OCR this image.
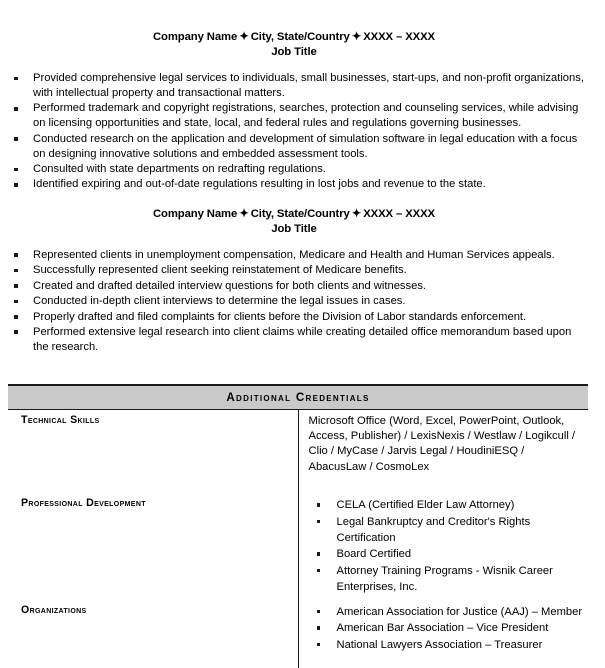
Company Name ✦ City, State/Country ✦ XXXX – XXXX
Job Title
Provided comprehensive legal services to individuals, small businesses, start-ups, and non-profit organizations, with intellectual property and transactional matters.
Performed trademark and copyright registrations, searches, protection and counseling services, while advising on licensing opportunities and state, local, and federal rules and regulations governing businesses.
Conducted research on the application and development of simulation software in legal education with a focus on designing innovative solutions and embedded assessment tools.
Consulted with state departments on redrafting regulations.
Identified expiring and out-of-date regulations resulting in lost jobs and revenue to the state.
Company Name ✦ City, State/Country ✦ XXXX – XXXX
Job Title
Represented clients in unemployment compensation, Medicare and Health and Human Services appeals.
Successfully represented client seeking reinstatement of Medicare benefits.
Created and drafted detailed interview questions for both clients and witnesses.
Conducted in-depth client interviews to determine the legal issues in cases.
Properly drafted and filed complaints for clients before the Division of Labor standards enforcement.
Performed extensive legal research into client claims while creating detailed office memorandum based upon the research.
Additional Credentials	

Technical Skills	Microsoft Office (Word, Excel, PowerPoint, Outlook, Access, Publisher) / LexisNexis / Westlaw / Logikcull / Clio / MyCase / Jarvis Legal / HoudiniESQ / AbacusLaw / CosmoLex

Professional Development	CELA (Certified Elder Law Attorney)
Legal Bankruptcy and Creditor's Rights Certification
Board Certified
Attorney Training Programs - Wisnik Career Enterprises, Inc.

Organizations	American Association for Justice (AAJ) – Member
American Bar Association – Vice President
National Lawyers Association – Treasurer
